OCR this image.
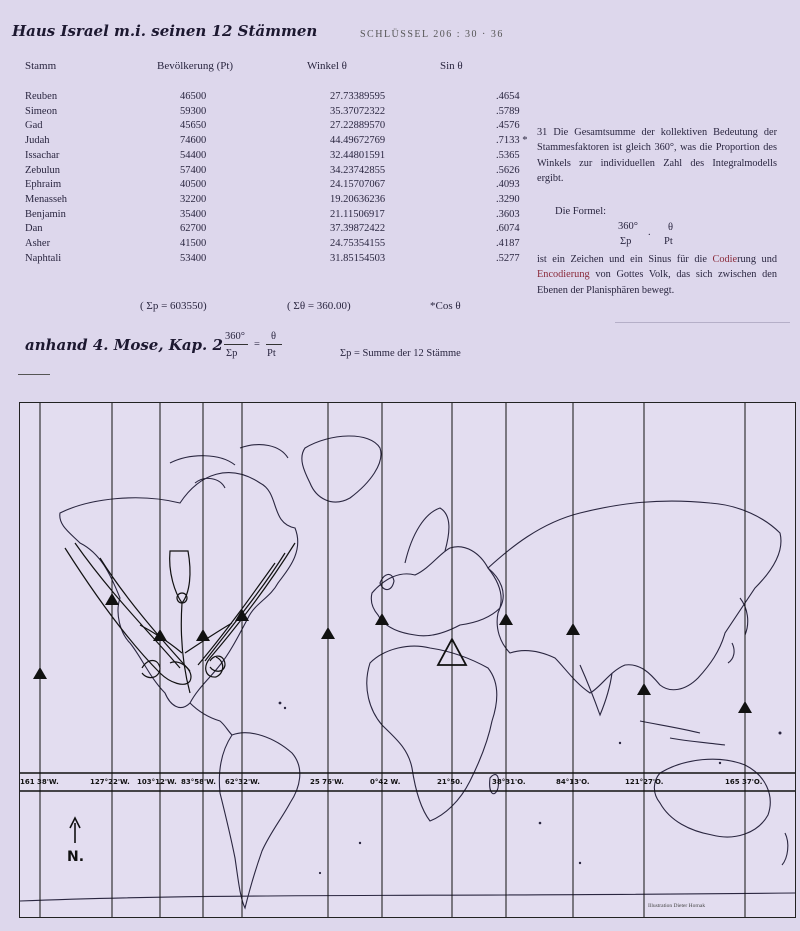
Haus Israel m.i. seinen 12 Stämmen	SCHLÜSSEL 206 : 30 · 36
Stamm	Bevölkerung (Pt)	Winkel θ	Sin θ
Reuben	46500	27.73389595	.4654
Simeon	59300	35.37072322	.5789
Gad	45650	27.22889570	.4576
Judah	74600	44.49672769	.7133 *
Issachar	54400	32.44801591	.5365
Zebulun	57400	34.23742855	.5626
Ephraim	40500	24.15707067	.4093
Menasseh	32200	19.20636236	.3290
Benjamin	35400	21.11506917	.3603
Dan	62700	37.39872422	.6074
Asher	41500	24.75354155	.4187
Naphtali	53400	31.85154503	.5277
( Σp = 603550)	( Σθ = 360.00)	*Cos θ
31 Die Gesamtsumme der kollektiven Bedeutung der Stammesfaktoren ist gleich 360°, was die Proportion des Winkels zur individuellen Zahl des Integralmodells ergibt.
Die Formel:
360°	θ
.
Σp	Pt
ist ein Zeichen und ein Sinus für die Codierung und Encodierung von Gottes Volk, das sich zwischen den Ebenen der Planisphären bewegt.
anhand 4. Mose, Kap. 2 360°
Σp
=
θ
Pt	Σp = Summe der 12 Stämme
161 38'W.	127°22'W. 103°12'W. 83°58'W. 62°32'W.	25 76'W.	0°42 W.	21°50.	38°31'O.	84°13'O.	121°27'O.	165 37'O.
N.
Illustration Dieter Hornak
